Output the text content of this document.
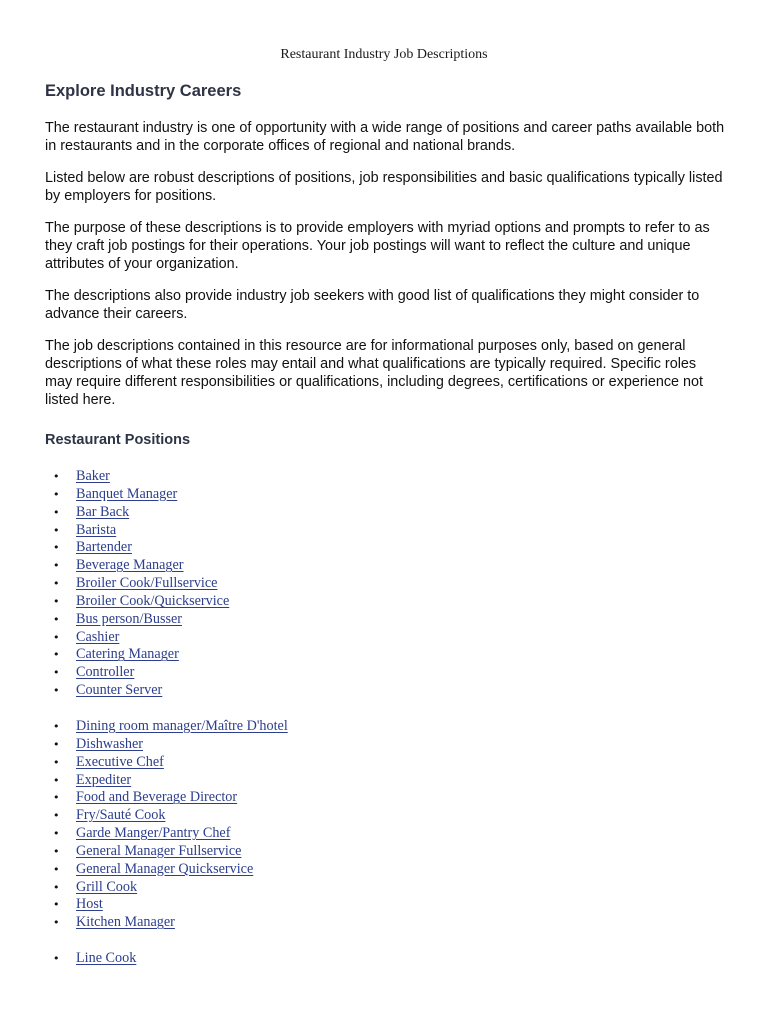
Restaurant Industry Job Descriptions

Explore Industry Careers

The restaurant industry is one of opportunity with a wide range of positions and career paths available both in restaurants and in the corporate offices of regional and national brands.

Listed below are robust descriptions of positions, job responsibilities and basic qualifications typically listed by employers for positions.

The purpose of these descriptions is to provide employers with myriad options and prompts to refer to as they craft job postings for their operations. Your job postings will want to reflect the culture and unique attributes of your organization.

The descriptions also provide industry job seekers with good list of qualifications they might consider to advance their careers.

The job descriptions contained in this resource are for informational purposes only, based on general descriptions of what these roles may entail and what qualifications are typically required. Specific roles may require different responsibilities or qualifications, including degrees, certifications or experience not listed here.

Restaurant Positions
• Baker
• Banquet Manager
• Bar Back
• Barista
• Bartender
• Beverage Manager
• Broiler Cook/Fullservice
• Broiler Cook/Quickservice
• Bus person/Busser
• Cashier
• Catering Manager
• Controller
• Counter Server
• Dining room manager/Maître D'hotel
• Dishwasher
• Executive Chef
• Expediter
• Food and Beverage Director
• Fry/Sauté Cook
• Garde Manger/Pantry Chef
• General Manager Fullservice
• General Manager Quickservice
• Grill Cook
• Host
• Kitchen Manager
• Line Cook
